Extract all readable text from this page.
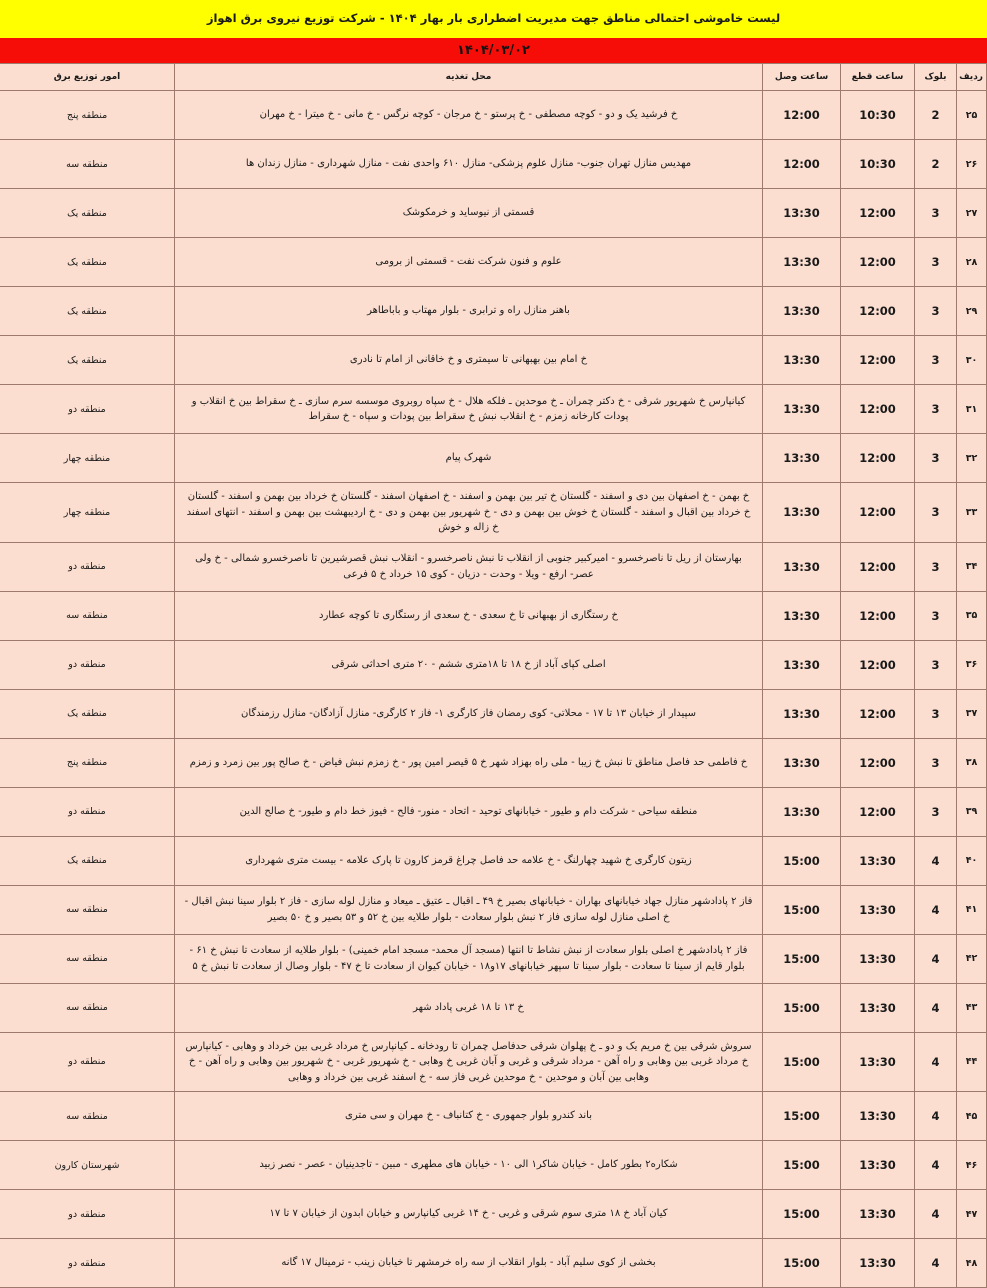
لیست خاموشی احتمالی مناطق جهت مدیریت اضطراری بار بهار ۱۴۰۴ - شرکت توزیع نیروی برق اهواز
۱۴۰۴/۰۳/۰۲
ردیف	بلوک	ساعت قطع	ساعت وصل	محل تغذیه	امور توزیع برق
۲۵	2	10:30	12:00	خ فرشید یک و دو - کوچه مصطفی - خ پرستو - خ مرجان - کوچه نرگس - خ مانی - خ میترا - خ مهران	منطقه پنج
۲۶	2	10:30	12:00	مهدیس منازل تهران جنوب- منازل علوم پزشکی- منازل ۶۱۰ واحدی نفت - منازل شهرداری - منازل زندان ها	منطقه سه
۲۷	3	12:00	13:30	قسمتی از نیوساید و خرمکوشک	منطقه یک
۲۸	3	12:00	13:30	علوم و فنون شرکت نفت - قسمتی از برومی	منطقه یک
۲۹	3	12:00	13:30	باهنر منازل راه و ترابری - بلوار مهتاب و باباطاهر	منطقه یک
۳۰	3	12:00	13:30	خ امام بین بهبهانی تا سیمتری و خ خاقانی از امام تا نادری	منطقه یک
۳۱	3	12:00	13:30	کیانپارس خ شهریور شرقی - خ دکتر چمران ـ خ موحدین ـ فلکه هلال - خ سپاه روبروی موسسه سرم سازی ـ خ سقراط بین خ انقلاب و پودات کارخانه زمزم - خ انقلاب نبش خ سقراط بین پودات و سپاه - خ سقراط	منطقه دو
۳۲	3	12:00	13:30	شهرک پیام	منطقه چهار
۳۳	3	12:00	13:30	خ بهمن - خ اصفهان بین دی و اسفند - گلستان خ تیر بین بهمن و اسفند - خ اصفهان اسفند - گلستان خ خرداد بین بهمن و اسفند - گلستان خ خرداد بین اقبال و اسفند - گلستان خ خوش بین بهمن و دی - خ شهریور بین بهمن و دی - خ اردیبهشت بین بهمن و اسفند - انتهای اسفند خ زاله و خوش	منطقه چهار
۳۴	3	12:00	13:30	بهارستان از ریل تا ناصرخسرو - امیرکبیر جنوبی از انقلاب تا نبش ناصرخسرو - انقلاب نبش قصرشیرین تا ناصرخسرو شمالی - خ ولی عصر- ارفع - ویلا - وحدت - دزیان - کوی ۱۵ خرداد خ ۵ فرعی	منطقه دو
۳۵	3	12:00	13:30	خ رستگاری از بهبهانی تا خ سعدی - خ سعدی از رستگاری تا کوچه عطارد	منطقه سه
۳۶	3	12:00	13:30	اصلی کپای آباد از خ ۱۸ تا ۱۸متری ششم - ۲۰ متری احداثی شرقی	منطقه دو
۳۷	3	12:00	13:30	سپیدار از خیابان ۱۳ تا ۱۷ - محلاتی- کوی رمضان فاز کارگری ۱- فاز ۲ کارگری- منازل آزادگان- منازل رزمندگان	منطقه یک
۳۸	3	12:00	13:30	خ فاطمی حد فاصل مناطق تا نبش خ زیبا - ملی راه بهزاد شهر خ ۵ قیصر امین پور - خ زمزم نبش فیاض - خ صالح پور بین زمرد و زمزم	منطقه پنج
۳۹	3	12:00	13:30	منطقه سیاحی - شرکت دام و طیور - خیابانهای توحید - اتحاد - منور- فالح - فیوز خط دام و طیور- خ صالح الدین	منطقه دو
۴۰	4	13:30	15:00	زیتون کارگری خ شهید چهارلنگ - خ علامه حد فاصل چراغ قرمز کارون تا پارک علامه - بیست متری شهرداری	منطقه یک
۴۱	4	13:30	15:00	فاز ۲ پادادشهر منازل جهاد خیابانهای بهاران - خیابانهای بصیر خ ۴۹ ـ اقبال ـ عتیق ـ میعاد و منازل لوله سازی - فاز ۲ بلوار سینا نبش اقبال - خ اصلی منازل لوله سازی فاز ۲ نبش بلوار سعادت - بلوار طلایه بین خ ۵۲ و ۵۳ بصیر و خ ۵۰ بصیر	منطقه سه
۴۲	4	13:30	15:00	فاز ۲ پادادشهر خ اصلی بلوار سعادت از نبش نشاط تا انتها (مسجد آل محمد- مسجد امام خمینی) - بلوار طلایه از سعادت تا نبش خ ۶۱ - بلوار قایم از سینا تا سعادت - بلوار سینا تا سپهر خیابانهای ۱۷و۱۸ - خیابان کیوان از سعادت تا خ ۴۷ - بلوار وصال از سعادت تا نبش خ ۵	منطقه سه
۴۳	4	13:30	15:00	خ ۱۳ تا ۱۸ غربی پاداد شهر	منطقه سه
۴۴	4	13:30	15:00	سروش شرقی بین خ مریم یک و دو ـ خ پهلوان شرقی حدفاصل چمران تا رودخانه ـ کیانپارس خ مرداد غربی بین خرداد و وهابی - کیانپارس خ مرداد غربی بین وهابی و راه آهن - مرداد شرقی و غربی و آبان غربی خ وهابی - خ شهریور غربی - خ شهریور بین وهابی و راه آهن - خ وهابی بین آبان و موحدین - خ موحدین غربی فاز سه - خ اسفند غربی بین خرداد و وهابی	منطقه دو
۴۵	4	13:30	15:00	باند کندرو بلوار جمهوری - خ کتانباف - خ مهران و سی متری	منطقه سه
۴۶	4	13:30	15:00	شکاره۲ بطور کامل - خیابان شاکر۱ الی ۱۰ - خیابان های مطهری - مبین - تاجدینیان - عصر - نصر زبید	شهرستان کارون
۴۷	4	13:30	15:00	کیان آباد خ ۱۸ متری سوم شرقی و غربی - خ ۱۴ غربی کیانپارس و خیابان ابدون از خیابان ۷ تا ۱۷	منطقه دو
۴۸	4	13:30	15:00	بخشی از کوی سلیم آباد - بلوار انقلاب از سه راه خرمشهر تا خیابان زینب - ترمینال ۱۷ گانه	منطقه دو
